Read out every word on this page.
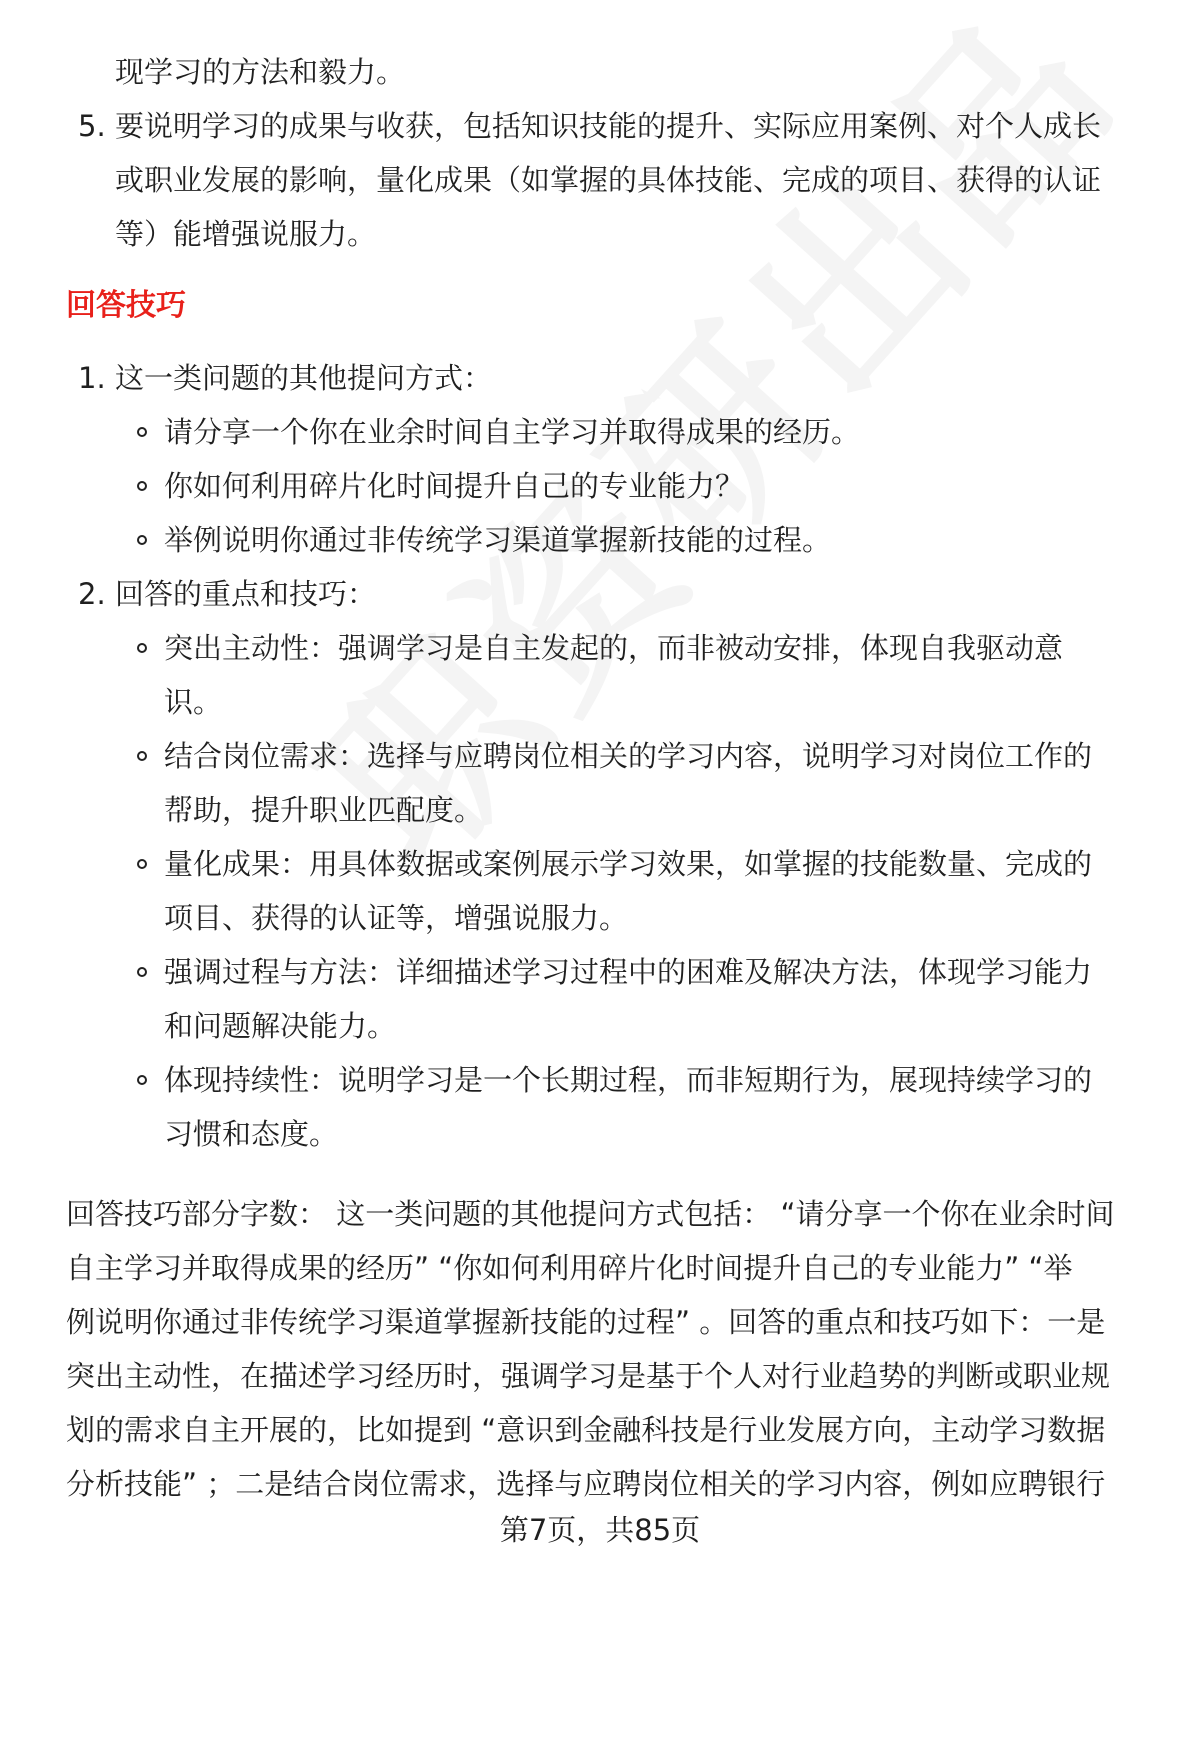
现学习的方法和毅力。
5. 要说明学习的成果与收获，包括知识技能的提升、实际应用案例、对个人成长
或职业发展的影响，量化成果（如掌握的具体技能、完成的项目、获得的认证
等）能增强说服力。
回答技巧
1. 这一类问题的其他提问方式：
请分享一个你在业余时间自主学习并取得成果的经历。
你如何利用碎片化时间提升自己的专业能力？
举例说明你通过非传统学习渠道掌握新技能的过程。
2. 回答的重点和技巧：
突出主动性：强调学习是自主发起的，而非被动安排，体现自我驱动意
识。
结合岗位需求：选择与应聘岗位相关的学习内容，说明学习对岗位工作的
帮助，提升职业匹配度。
量化成果：用具体数据或案例展示学习效果，如掌握的技能数量、完成的
项目、获得的认证等，增强说服力。
强调过程与方法：详细描述学习过程中的困难及解决方法，体现学习能力
和问题解决能力。
体现持续性：说明学习是一个长期过程，而非短期行为，展现持续学习的
习惯和态度。
回答技巧部分字数： 这一类问题的其他提问方式包括： “请分享一个你在业余时间
自主学习并取得成果的经历” “你如何利用碎片化时间提升自己的专业能力” “举
例说明你通过非传统学习渠道掌握新技能的过程” 。回答的重点和技巧如下：一是
突出主动性，在描述学习经历时，强调学习是基于个人对行业趋势的判断或职业规
划的需求自主开展的，比如提到 “意识到金融科技是行业发展方向，主动学习数据
分析技能” ；二是结合岗位需求，选择与应聘岗位相关的学习内容，例如应聘银行
第7页，共85页
